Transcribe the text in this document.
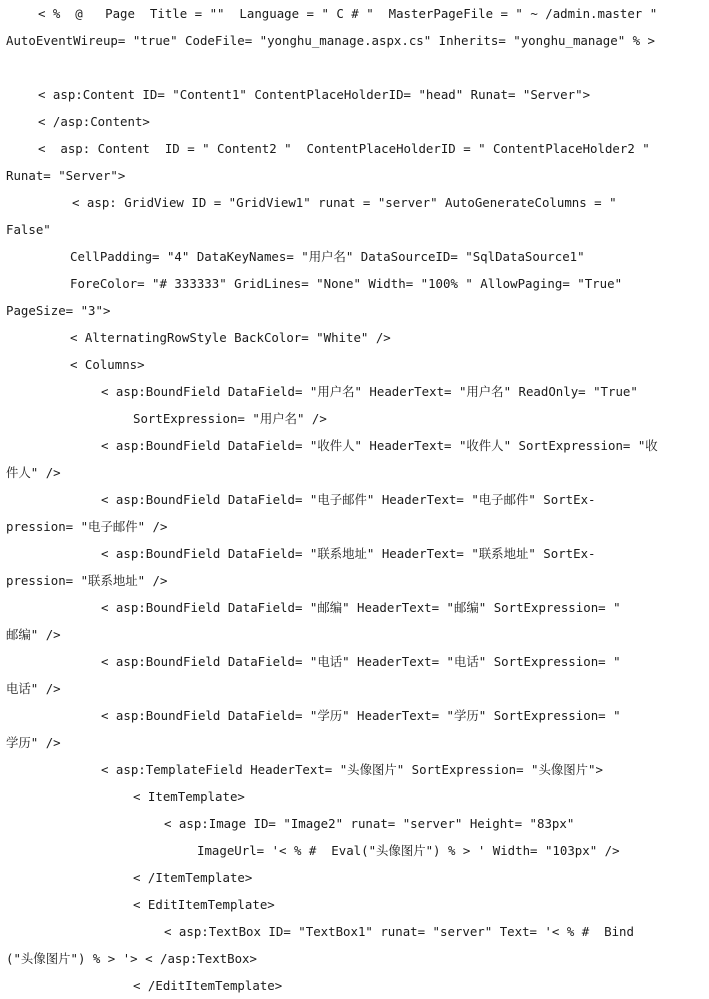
< %  @   Page  Title = ""  Language = " C # "  MasterPageFile = " ~ /admin.master "
AutoEventWireup= "true" CodeFile= "yonghu_manage.aspx.cs" Inherits= "yonghu_manage" % >
< asp:Content ID= "Content1" ContentPlaceHolderID= "head" Runat= "Server">
< /asp:Content>
<  asp: Content  ID = " Content2 "  ContentPlaceHolderID = " ContentPlaceHolder2 "
Runat= "Server">
< asp: GridView ID = "GridView1" runat = "server" AutoGenerateColumns = "
False"
CellPadding= "4" DataKeyNames= "用户名" DataSourceID= "SqlDataSource1"
ForeColor= "# 333333" GridLines= "None" Width= "100% " AllowPaging= "True"
PageSize= "3">
< AlternatingRowStyle BackColor= "White" />
< Columns>
< asp:BoundField DataField= "用户名" HeaderText= "用户名" ReadOnly= "True"
SortExpression= "用户名" />
< asp:BoundField DataField= "收件人" HeaderText= "收件人" SortExpression= "收
件人" />
< asp:BoundField DataField= "电子邮件" HeaderText= "电子邮件" SortEx-
pression= "电子邮件" />
< asp:BoundField DataField= "联系地址" HeaderText= "联系地址" SortEx-
pression= "联系地址" />
< asp:BoundField DataField= "邮编" HeaderText= "邮编" SortExpression= "
邮编" />
< asp:BoundField DataField= "电话" HeaderText= "电话" SortExpression= "
电话" />
< asp:BoundField DataField= "学历" HeaderText= "学历" SortExpression= "
学历" />
< asp:TemplateField HeaderText= "头像图片" SortExpression= "头像图片">
< ItemTemplate>
< asp:Image ID= "Image2" runat= "server" Height= "83px"
ImageUrl= '< % #  Eval("头像图片") % > ' Width= "103px" />
< /ItemTemplate>
< EditItemTemplate>
< asp:TextBox ID= "TextBox1" runat= "server" Text= '< % #  Bind
("头像图片") % > '> < /asp:TextBox>
< /EditItemTemplate>
